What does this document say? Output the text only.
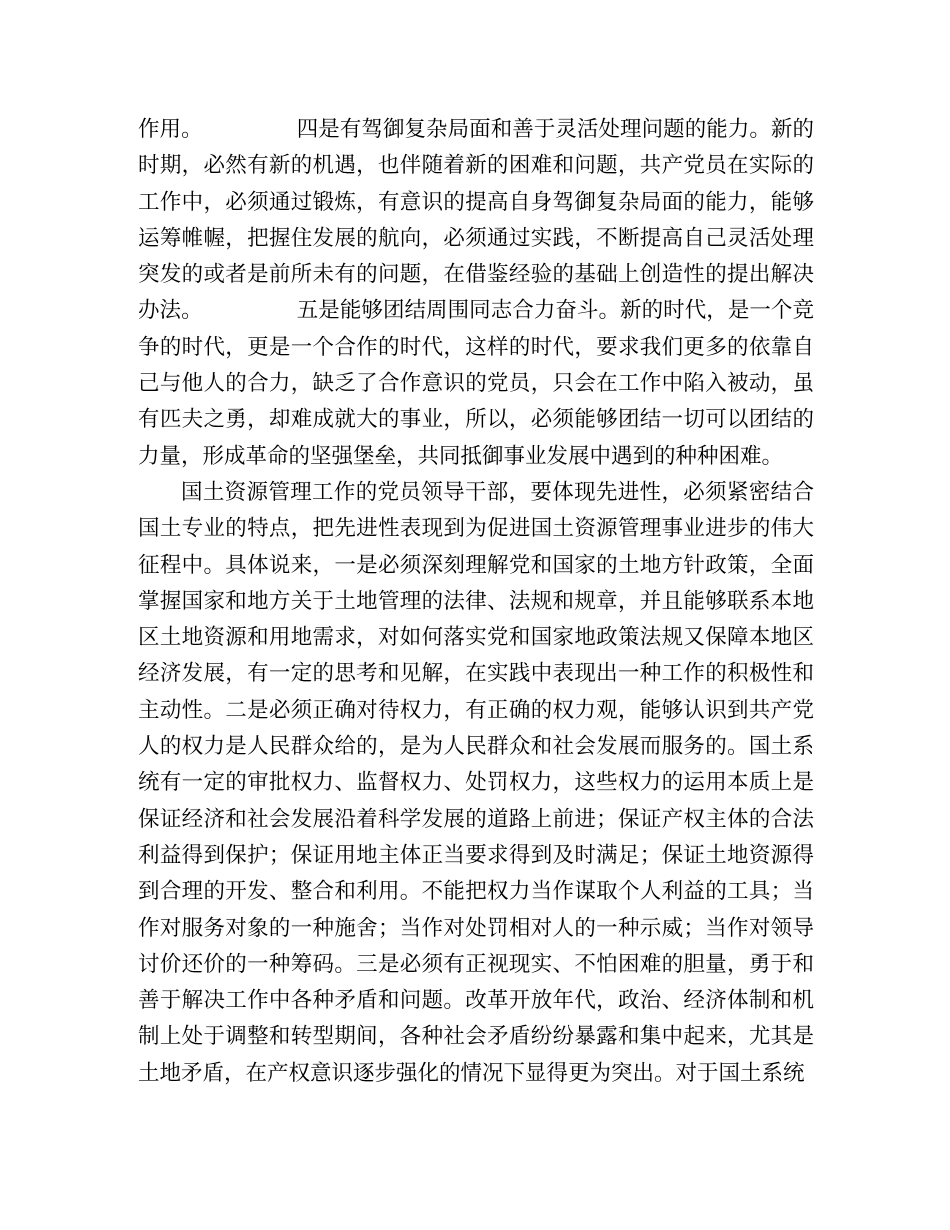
作用。	四是有驾御复杂局面和善于灵活处理问题的能力。新的时期，必然有新的机遇，也伴随着新的困难和问题，共产党员在实际的工作中，必须通过锻炼，有意识的提高自身驾御复杂局面的能力，能够运筹帷幄，把握住发展的航向，必须通过实践，不断提高自己灵活处理突发的或者是前所未有的问题，在借鉴经验的基础上创造性的提出解决办法。	五是能够团结周围同志合力奋斗。新的时代，是一个竞争的时代，更是一个合作的时代，这样的时代，要求我们更多的依靠自己与他人的合力，缺乏了合作意识的党员，只会在工作中陷入被动，虽有匹夫之勇，却难成就大的事业，所以，必须能够团结一切可以团结的力量，形成革命的坚强堡垒，共同抵御事业发展中遇到的种种困难。

国土资源管理工作的党员领导干部，要体现先进性，必须紧密结合国土专业的特点，把先进性表现到为促进国土资源管理事业进步的伟大征程中。具体说来，一是必须深刻理解党和国家的土地方针政策，全面掌握国家和地方关于土地管理的法律、法规和规章，并且能够联系本地区土地资源和用地需求，对如何落实党和国家地政策法规又保障本地区经济发展，有一定的思考和见解，在实践中表现出一种工作的积极性和主动性。二是必须正确对待权力，有正确的权力观，能够认识到共产党人的权力是人民群众给的，是为人民群众和社会发展而服务的。国土系统有一定的审批权力、监督权力、处罚权力，这些权力的运用本质上是保证经济和社会发展沿着科学发展的道路上前进；保证产权主体的合法利益得到保护；保证用地主体正当要求得到及时满足；保证土地资源得到合理的开发、整合和利用。不能把权力当作谋取个人利益的工具；当作对服务对象的一种施舍；当作对处罚相对人的一种示威；当作对领导讨价还价的一种筹码。三是必须有正视现实、不怕困难的胆量，勇于和善于解决工作中各种矛盾和问题。改革开放年代，政治、经济体制和机制上处于调整和转型期间，各种社会矛盾纷纷暴露和集中起来，尤其是土地矛盾，在产权意识逐步强化的情况下显得更为突出。对于国土系统
